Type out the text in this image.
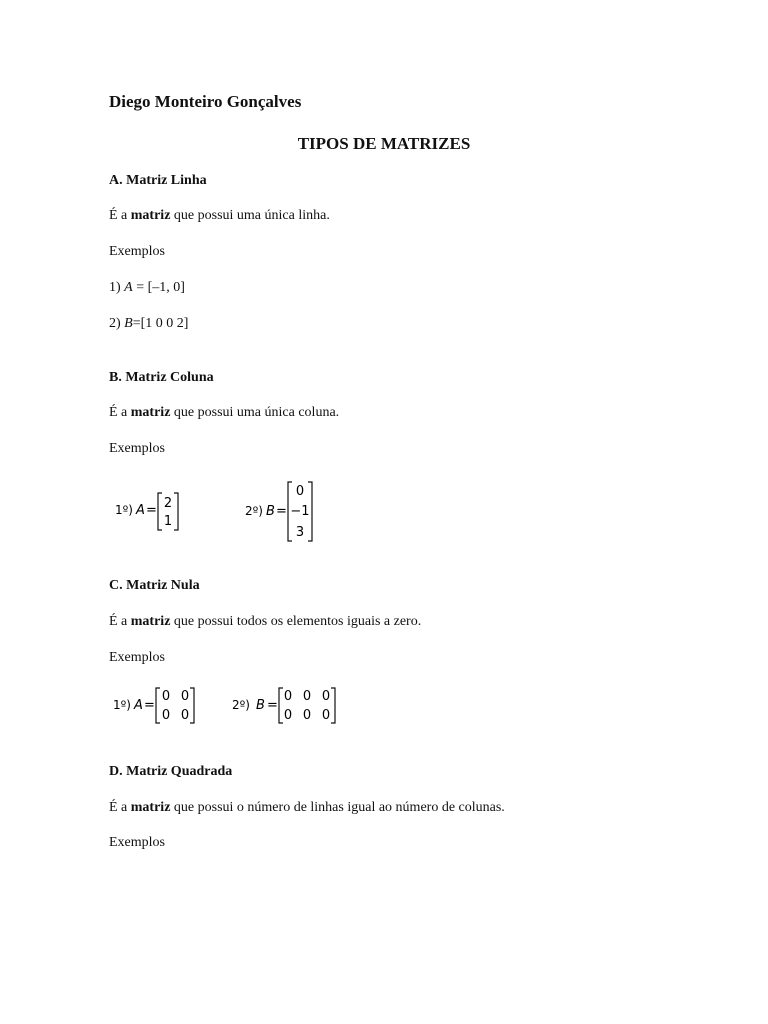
Diego Monteiro Gonçalves
TIPOS DE MATRIZES
A. Matriz Linha
É a matriz que possui uma única linha.
Exemplos
1) A = [–1, 0]
2) B=[1 0 0 2]
B. Matriz Coluna
É a matriz que possui uma única coluna.
Exemplos
1º) A = 2
1
2º) B =
0
−1
3
C. Matriz Nula
É a matriz que possui todos os elementos iguais a zero.
Exemplos
1º) A =
0 0
0 0
2º) B =
0 0 0
0 0 0
D. Matriz Quadrada
É a matriz que possui o número de linhas igual ao número de colunas.
Exemplos
